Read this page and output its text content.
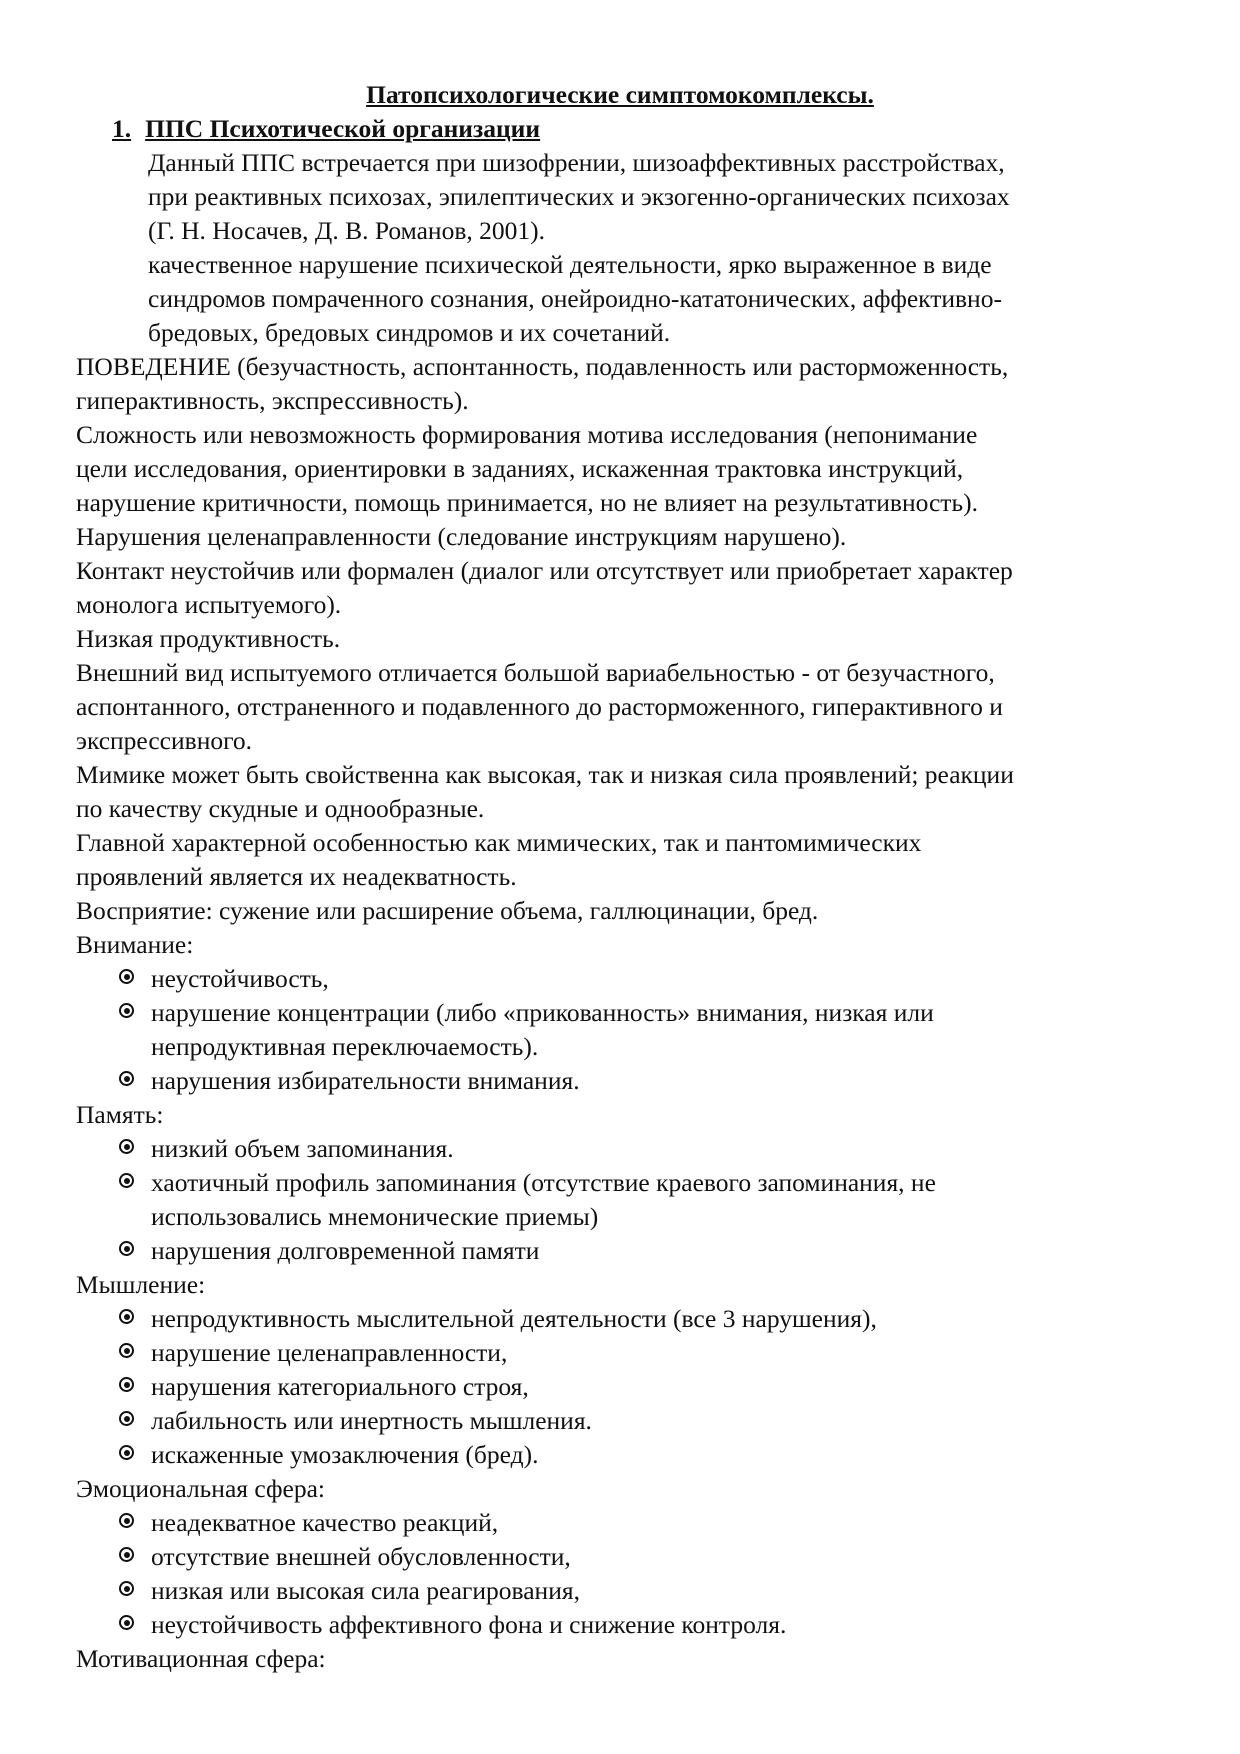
Патопсихологические симптомокомплексы.

1. ППС Психотической организации

Данный ППС встречается при шизофрении, шизоаффективных расстройствах,
при реактивных психозах, эпилептических и экзогенно-органических психозах
(Г. Н. Носачев, Д. В. Романов, 2001).

качественное нарушение психической деятельности, ярко выраженное в виде
синдромов помраченного сознания, онейроидно-кататонических, аффективно-
бредовых, бредовых синдромов и их сочетаний.

ПОВЕДЕНИЕ (безучастность, аспонтанность, подавленность или расторможенность,
гиперактивность, экспрессивность).

Сложность или невозможность формирования мотива исследования (непонимание
цели исследования, ориентировки в заданиях, искаженная трактовка инструкций,
нарушение критичности, помощь принимается, но не влияет на результативность).

Нарушения целенаправленности (следование инструкциям нарушено).

Контакт неустойчив или формален (диалог или отсутствует или приобретает характер
монолога испытуемого).

Низкая продуктивность.

Внешний вид испытуемого отличается большой вариабельностью - от безучастного,
аспонтанного, отстраненного и подавленного до расторможенного, гиперактивного и
экспрессивного.

Мимике может быть свойственна как высокая, так и низкая сила проявлений; реакции
по качеству скудные и однообразные.

Главной характерной особенностью как мимических, так и пантомимических
проявлений является их неадекватность.

Восприятие: сужение или расширение объема, галлюцинации, бред.

Внимание:

неустойчивость,
нарушение концентрации (либо «прикованность» внимания, низкая или
непродуктивная переключаемость).
нарушения избирательности внимания.

Память:

низкий объем запоминания.
хаотичный профиль запоминания (отсутствие краевого запоминания, не
использовались мнемонические приемы)
нарушения долговременной памяти

Мышление:

непродуктивность мыслительной деятельности (все 3 нарушения),
нарушение целенаправленности,
нарушения категориального строя,
лабильность или инертность мышления.
искаженные умозаключения (бред).

Эмоциональная сфера:

неадекватное качество реакций,
отсутствие внешней обусловленности,
низкая или высокая сила реагирования,
неустойчивость аффективного фона и снижение контроля.

Мотивационная сфера:
